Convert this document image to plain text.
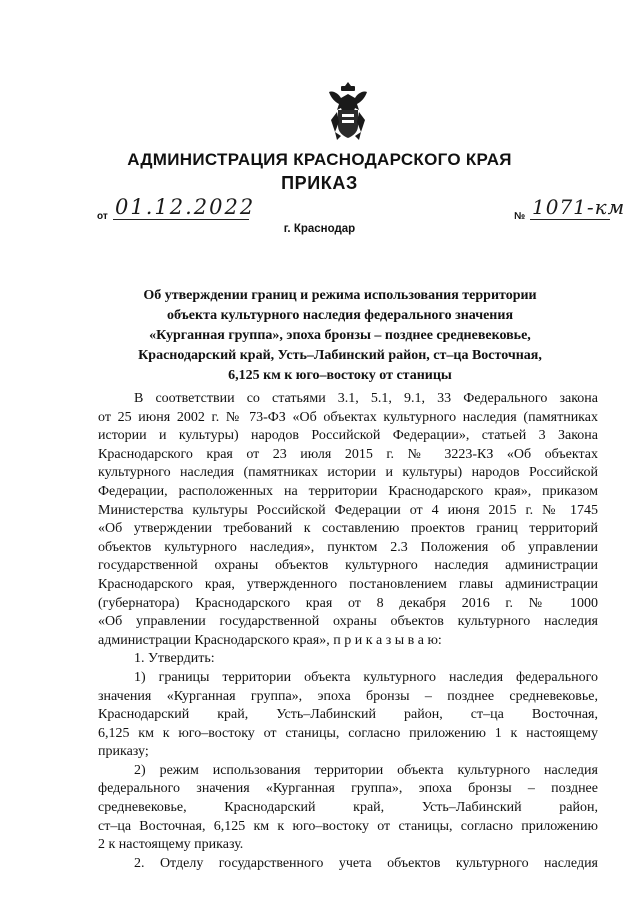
АДМИНИСТРАЦИЯ КРАСНОДАРСКОГО КРАЯ
ПРИКАЗ
от 01.12.2022	№ 1071-км
г. Краснодар
Об утверждении границ и режима использования территории
объекта культурного наследия федерального значения
«Курганная группа», эпоха бронзы – позднее средневековье,
Краснодарский край, Усть–Лабинский район, ст–ца Восточная,
6,125 км к юго–востоку от станицы
В соответствии со статьями 3.1, 5.1, 9.1, 33 Федерального закона
от 25 июня 2002 г. № 73-ФЗ «Об объектах культурного наследия (памятниках
истории и культуры) народов Российской Федерации», статьей 3 Закона
Краснодарского края от 23 июля 2015 г. № 3223-КЗ «Об объектах
культурного наследия (памятниках истории и культуры) народов Российской
Федерации, расположенных на территории Краснодарского края», приказом
Министерства культуры Российской Федерации от 4 июня 2015 г. № 1745
«Об утверждении требований к составлению проектов границ территорий
объектов культурного наследия», пунктом 2.3 Положения об управлении
государственной охраны объектов культурного наследия администрации
Краснодарского края, утвержденного постановлением главы администрации
(губернатора) Краснодарского края от 8 декабря 2016 г. № 1000
«Об управлении государственной охраны объектов культурного наследия
администрации Краснодарского края», п р и к а з ы в а ю:
1. Утвердить:
1) границы территории объекта культурного наследия федерального
значения «Курганная группа», эпоха бронзы – позднее средневековье,
Краснодарский край, Усть–Лабинский район, ст–ца Восточная,
6,125 км к юго–востоку от станицы, согласно приложению 1 к настоящему
приказу;
2) режим использования территории объекта культурного наследия
федерального значения «Курганная группа», эпоха бронзы – позднее
средневековье, Краснодарский край, Усть–Лабинский район,
ст–ца Восточная, 6,125 км к юго–востоку от станицы, согласно приложению
2 к настоящему приказу.
2. Отделу государственного учета объектов культурного наследия
